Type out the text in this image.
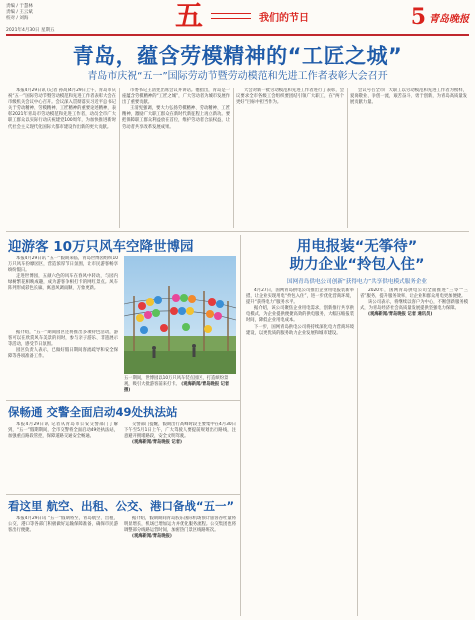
责编 / 于慧林
责编 / 王云斌
校对 / 刘海	五	我们的节日	5 青岛晚报
2021年4月30日 星期五
青岛，蕴含劳模精神的“工匠之城”
青岛市庆祝“五一”国际劳动节暨劳动模范和先进工作者表彰大会召开

本报4月29日讯 (记者 孙高)4月29日上午，青岛市庆祝“五一”国际劳动节暨劳动模范和先进工作者表彰大会在市级机关会议中心召开。会议深入贯彻落实习近平总书记关于劳动精神、劳模精神、工匠精神的重要论述精神，表彰2021年青岛市劳动模范和先进工作者，动员全市广大职工群众以实际行动庆祝建党100周年，为加快推进新时代社会主义现代化国际大都市建设作出新的更大贡献。

市委书记王清宪出席会议并讲话。他指出，青岛是一座蕴含劳模精神的“工匠之城”，广大劳动者为城市发展作出了重要贡献。

王清宪强调，要大力弘扬劳模精神、劳动精神、工匠精神，激励广大职工群众在新时代新征程上再立新功。要把保障职工群众利益放在首位，维护劳动者合法权益，让劳动者共享改革发展成果。

大会对新一批劳动模范和先进工作者进行了表彰，会议要求全市各级工会组织要团结引领广大职工，在“两个更好”目标中担当作为。

会议号召全市广大职工以劳动模范和先进工作者为榜样，爱岗敬业、争创一流，艰苦奋斗、勇于创新，为青岛高质量发展贡献力量。

迎游客 10万只风车空降世博园

本报4月29日讯 “五一”假期来临，青岛世博园组织10万只风车扮靡园区，营造浓厚节日氛围，让市民游客畅享缤纷假日。

走进世博园，五颜六色的风车在春风中转动，与园内绿树繁花相映成趣，成为游客争相打卡的网红景点。风车阵列形成彩色长廊，寓意风调雨顺、万象更新。

据介绍，“五一”期间园区还将推出多项特色活动，游客可以在欣赏风车美景的同时，参与亲子游乐、非遗展示等活动，感受节日氛围。

园区负责人表示，已做好假日期间客流疏导和安全保障等各项准备工作。

五一期间，世博园以10万只风车装点园区，打造缤纷景观，吸引大批游客前来打卡。 (观海新闻/青岛晚报 记者 摄)
保畅通 交警全面启动49处执法站

本报4月29日讯 记者从青岛市公安交警部门了解到，“五一”假期期间，全市交警将全面启动49处执法站，加强重点路段管控，保障道路交通安全畅通。

交警部门提醒，假期出行高峰时段主要集中在4月30日下午至5月1日上午，广大驾驶人要提前规划出行路线，注意避开拥堵路段，安全文明驾驶。

(观海新闻/青岛晚报 记者)

看这里 航空、出租、公交、港口备战“五一”

本报4月29日讯 “五一”假期将至，青岛航空、出租、公交、港口等各部门积极做好运输保障准备，确保市民游客出行便捷。

据介绍，假期期间青岛胶东国际机场预计旅客吞吐量将明显增长，机场已增加运力并优化服务流程。公交集团也将调整部分线路运营时间，加密热门景区线路班次。

(观海新闻/青岛晚报)

用电报装“无筝待”
助力企业“拎包入住”
国网青岛供电公司创新“获得电力”共享供电模式服务企业

4月27日，国网青岛供电公司推出企业用电报装新举措，让企业实现用电“拎包入住”，进一步优化营商环境，提升“获得电力”服务水平。

据介绍，该公司聚焦企业用电需求，创新推行共享供电模式，为企业提供便捷高效的供电服务，大幅压缩报装时间，降低企业用电成本。

下一步，国网青岛供电公司将持续深化电力营商环境建设，以更优质的服务助力企业发展和城市建设。

2020年，国网青岛供电公司全面推进“三零”“三省”服务，提升服务效率，让企业和群众用电更加便捷。

该公司表示，将继续以客户为中心，不断创新服务模式，为青岛经济社会高质量发展提供坚强电力保障。

(观海新闻/青岛晚报 记者 通讯员)
